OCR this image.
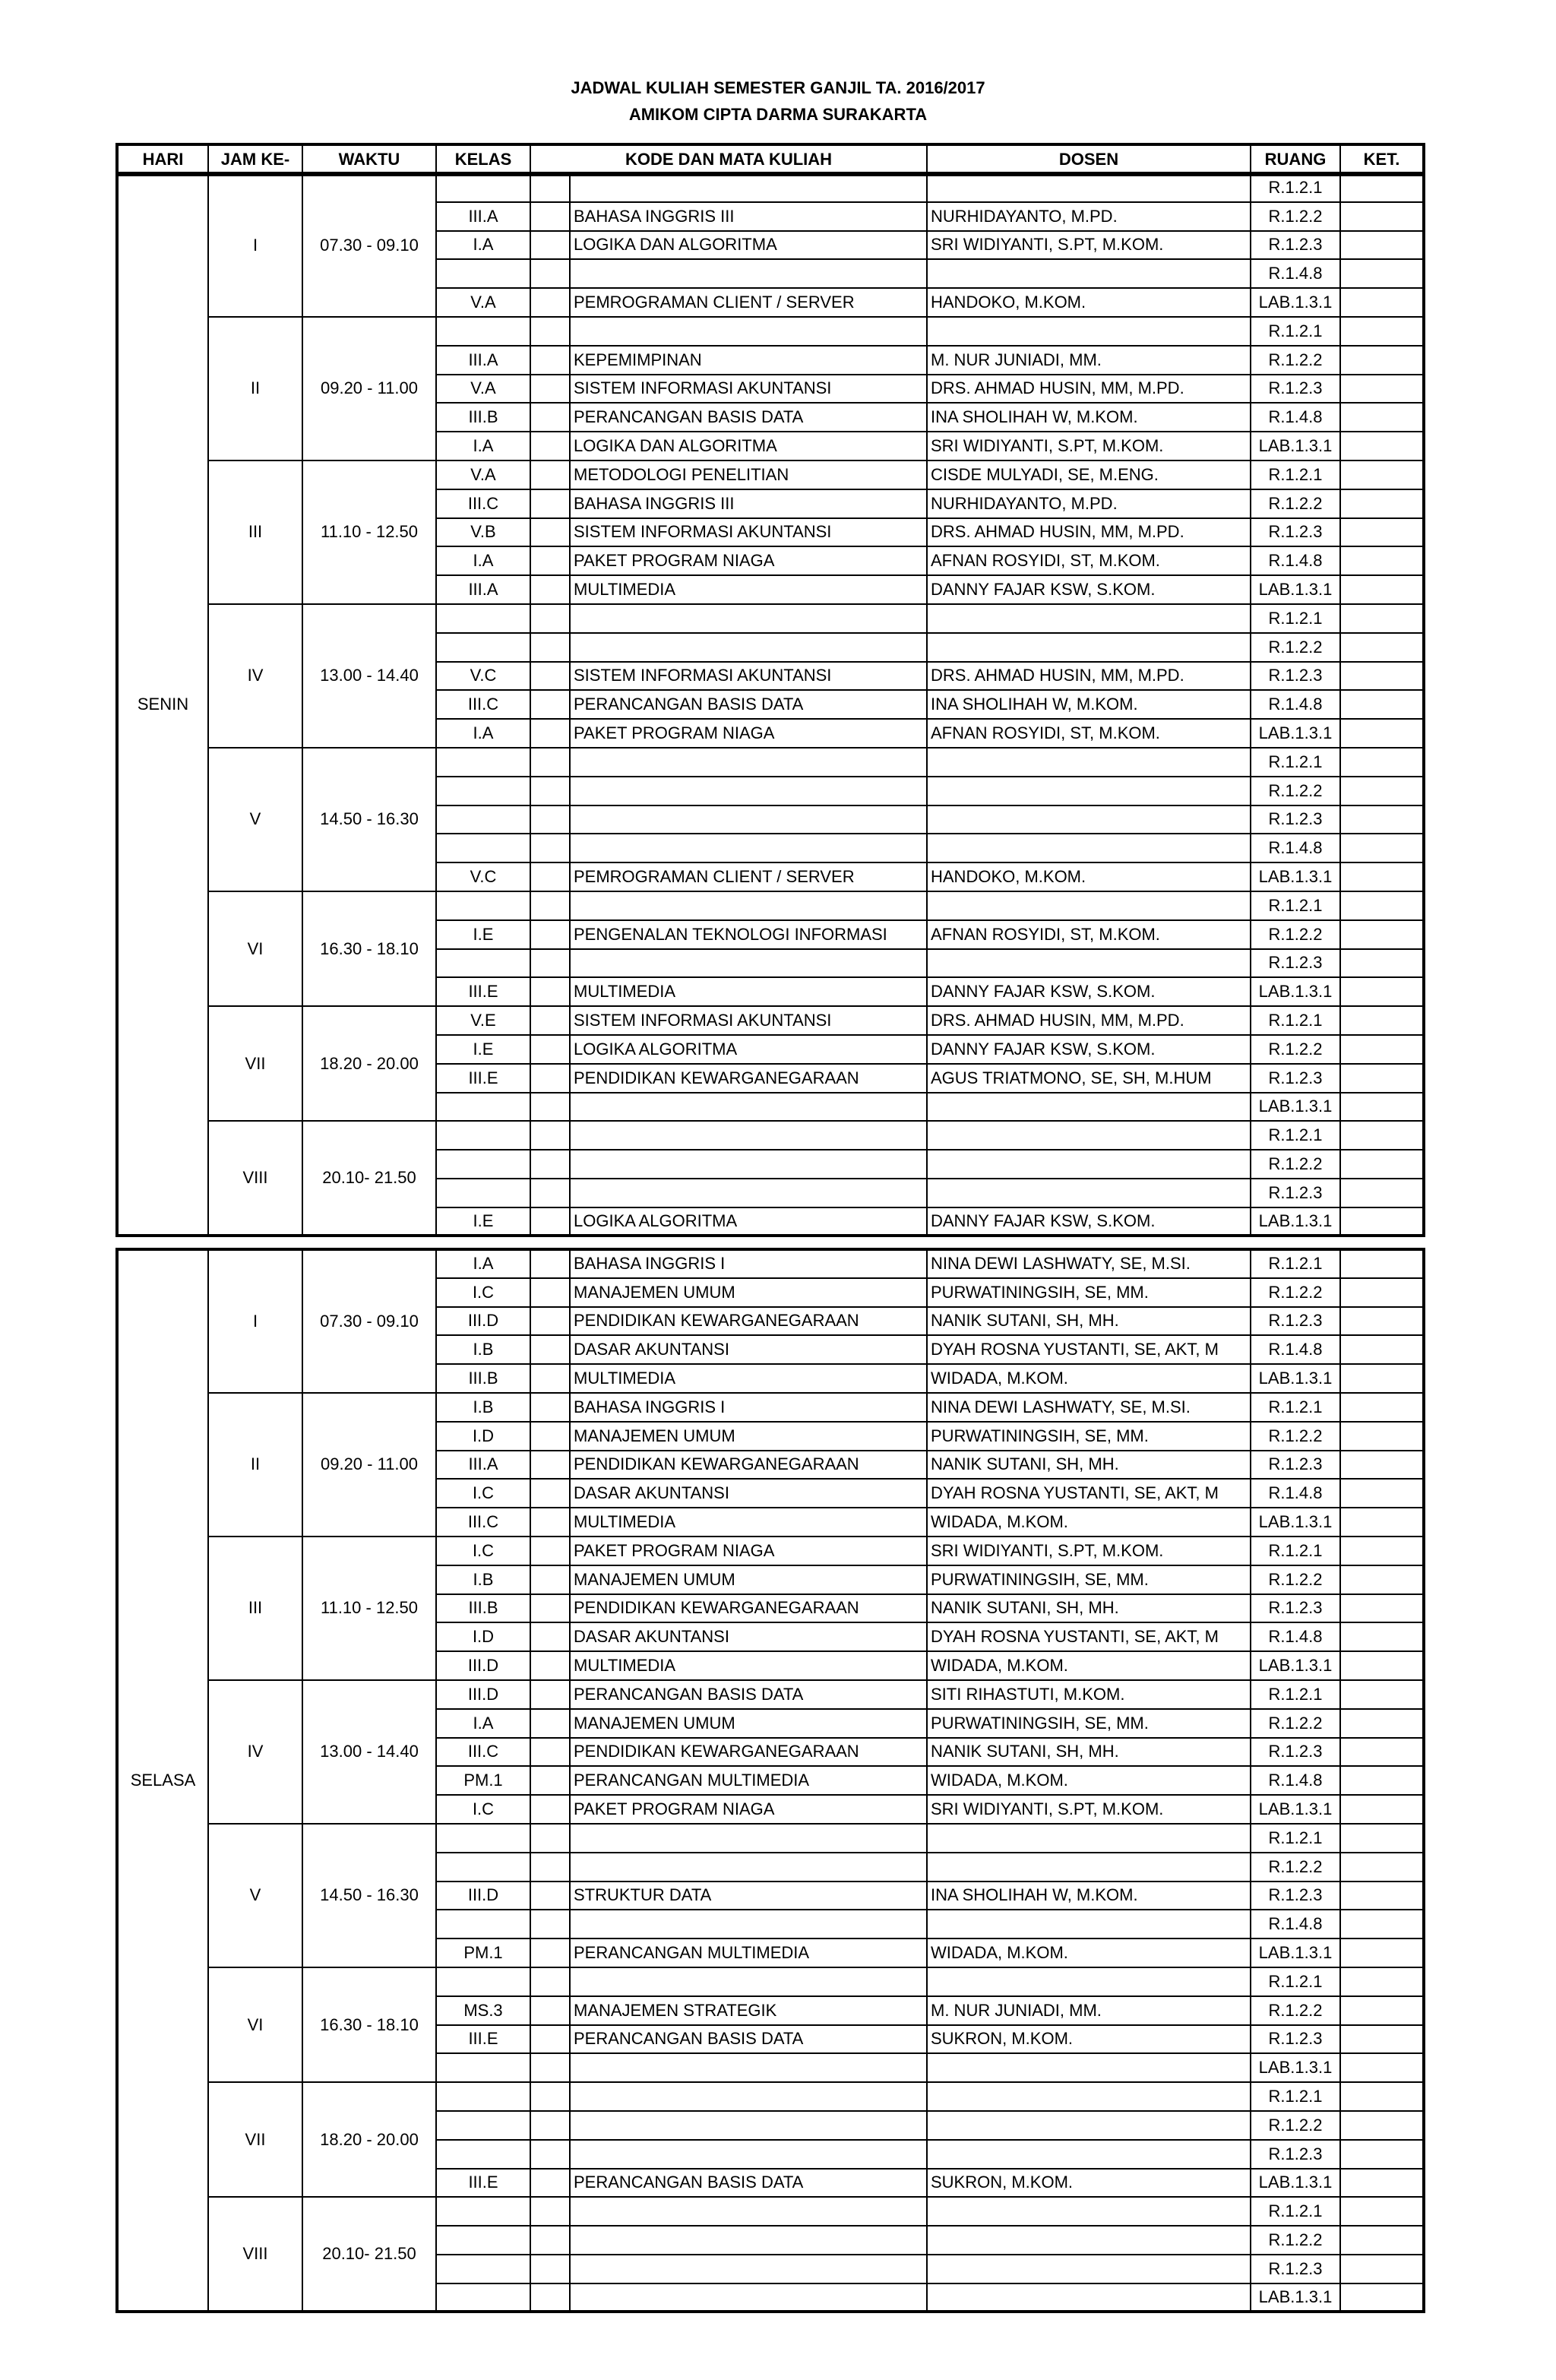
JADWAL KULIAH SEMESTER GANJIL TA. 2016/2017
AMIKOM CIPTA DARMA SURAKARTA
HARI	JAM KE-	WAKTU	KELAS	KODE DAN MATA KULIAH	DOSEN	RUANG	KET.
SENIN	I	07.30 - 09.10					R.1.2.1	
			III.A		BAHASA INGGRIS III	NURHIDAYANTO, M.PD.	R.1.2.2	
			I.A		LOGIKA DAN ALGORITMA	SRI WIDIYANTI, S.PT, M.KOM.	R.1.2.3	
							R.1.4.8	
			V.A		PEMROGRAMAN CLIENT / SERVER	HANDOKO, M.KOM.	LAB.1.3.1	
	II	09.20 - 11.00					R.1.2.1	
			III.A		KEPEMIMPINAN	M. NUR JUNIADI, MM.	R.1.2.2	
			V.A		SISTEM INFORMASI AKUNTANSI	DRS. AHMAD HUSIN, MM, M.PD.	R.1.2.3	
			III.B		PERANCANGAN BASIS DATA	INA SHOLIHAH W, M.KOM.	R.1.4.8	
			I.A		LOGIKA DAN ALGORITMA	SRI WIDIYANTI, S.PT, M.KOM.	LAB.1.3.1	
	III	11.10 - 12.50	V.A		METODOLOGI PENELITIAN	CISDE MULYADI, SE, M.ENG.	R.1.2.1	
			III.C		BAHASA INGGRIS III	NURHIDAYANTO, M.PD.	R.1.2.2	
			V.B		SISTEM INFORMASI AKUNTANSI	DRS. AHMAD HUSIN, MM, M.PD.	R.1.2.3	
			I.A		PAKET PROGRAM NIAGA	AFNAN ROSYIDI, ST, M.KOM.	R.1.4.8	
			III.A		MULTIMEDIA	DANNY FAJAR KSW, S.KOM.	LAB.1.3.1	
	IV	13.00 - 14.40					R.1.2.1	
							R.1.2.2	
			V.C		SISTEM INFORMASI AKUNTANSI	DRS. AHMAD HUSIN, MM, M.PD.	R.1.2.3	
			III.C		PERANCANGAN BASIS DATA	INA SHOLIHAH W, M.KOM.	R.1.4.8	
			I.A		PAKET PROGRAM NIAGA	AFNAN ROSYIDI, ST, M.KOM.	LAB.1.3.1	
	V	14.50 - 16.30					R.1.2.1	
							R.1.2.2	
							R.1.2.3	
							R.1.4.8	
			V.C		PEMROGRAMAN CLIENT / SERVER	HANDOKO, M.KOM.	LAB.1.3.1	
	VI	16.30 - 18.10					R.1.2.1	
			I.E		PENGENALAN TEKNOLOGI INFORMASI	AFNAN ROSYIDI, ST, M.KOM.	R.1.2.2	
							R.1.2.3	
			III.E		MULTIMEDIA	DANNY FAJAR KSW, S.KOM.	LAB.1.3.1	
	VII	18.20 - 20.00	V.E		SISTEM INFORMASI AKUNTANSI	DRS. AHMAD HUSIN, MM, M.PD.	R.1.2.1	
			I.E		LOGIKA ALGORITMA	DANNY FAJAR KSW, S.KOM.	R.1.2.2	
			III.E		PENDIDIKAN KEWARGANEGARAAN	AGUS TRIATMONO, SE, SH, M.HUM	R.1.2.3	
							LAB.1.3.1	
	VIII	20.10- 21.50					R.1.2.1	
							R.1.2.2	
							R.1.2.3	
			I.E		LOGIKA ALGORITMA	DANNY FAJAR KSW, S.KOM.	LAB.1.3.1	
SELASA	I	07.30 - 09.10	I.A		BAHASA INGGRIS I	NINA DEWI LASHWATY, SE, M.SI.	R.1.2.1	
			I.C		MANAJEMEN UMUM	PURWATININGSIH, SE, MM.	R.1.2.2	
			III.D		PENDIDIKAN KEWARGANEGARAAN	NANIK SUTANI, SH, MH.	R.1.2.3	
			I.B		DASAR AKUNTANSI	DYAH ROSNA YUSTANTI, SE, AKT, M	R.1.4.8	
			III.B		MULTIMEDIA	WIDADA, M.KOM.	LAB.1.3.1	
	II	09.20 - 11.00	I.B		BAHASA INGGRIS I	NINA DEWI LASHWATY, SE, M.SI.	R.1.2.1	
			I.D		MANAJEMEN UMUM	PURWATININGSIH, SE, MM.	R.1.2.2	
			III.A		PENDIDIKAN KEWARGANEGARAAN	NANIK SUTANI, SH, MH.	R.1.2.3	
			I.C		DASAR AKUNTANSI	DYAH ROSNA YUSTANTI, SE, AKT, M	R.1.4.8	
			III.C		MULTIMEDIA	WIDADA, M.KOM.	LAB.1.3.1	
	III	11.10 - 12.50	I.C		PAKET PROGRAM NIAGA	SRI WIDIYANTI, S.PT, M.KOM.	R.1.2.1	
			I.B		MANAJEMEN UMUM	PURWATININGSIH, SE, MM.	R.1.2.2	
			III.B		PENDIDIKAN KEWARGANEGARAAN	NANIK SUTANI, SH, MH.	R.1.2.3	
			I.D		DASAR AKUNTANSI	DYAH ROSNA YUSTANTI, SE, AKT, M	R.1.4.8	
			III.D		MULTIMEDIA	WIDADA, M.KOM.	LAB.1.3.1	
	IV	13.00 - 14.40	III.D		PERANCANGAN BASIS DATA	SITI RIHASTUTI, M.KOM.	R.1.2.1	
			I.A		MANAJEMEN UMUM	PURWATININGSIH, SE, MM.	R.1.2.2	
			III.C		PENDIDIKAN KEWARGANEGARAAN	NANIK SUTANI, SH, MH.	R.1.2.3	
			PM.1		PERANCANGAN MULTIMEDIA	WIDADA, M.KOM.	R.1.4.8	
			I.C		PAKET PROGRAM NIAGA	SRI WIDIYANTI, S.PT, M.KOM.	LAB.1.3.1	
	V	14.50 - 16.30					R.1.2.1	
							R.1.2.2	
			III.D		STRUKTUR DATA	INA SHOLIHAH W, M.KOM.	R.1.2.3	
							R.1.4.8	
			PM.1		PERANCANGAN MULTIMEDIA	WIDADA, M.KOM.	LAB.1.3.1	
	VI	16.30 - 18.10					R.1.2.1	
			MS.3		MANAJEMEN STRATEGIK	M. NUR JUNIADI, MM.	R.1.2.2	
			III.E		PERANCANGAN BASIS DATA	SUKRON, M.KOM.	R.1.2.3	
							LAB.1.3.1	
	VII	18.20 - 20.00					R.1.2.1	
							R.1.2.2	
							R.1.2.3	
			III.E		PERANCANGAN BASIS DATA	SUKRON, M.KOM.	LAB.1.3.1	
	VIII	20.10- 21.50					R.1.2.1	
							R.1.2.2	
							R.1.2.3	
							LAB.1.3.1	
